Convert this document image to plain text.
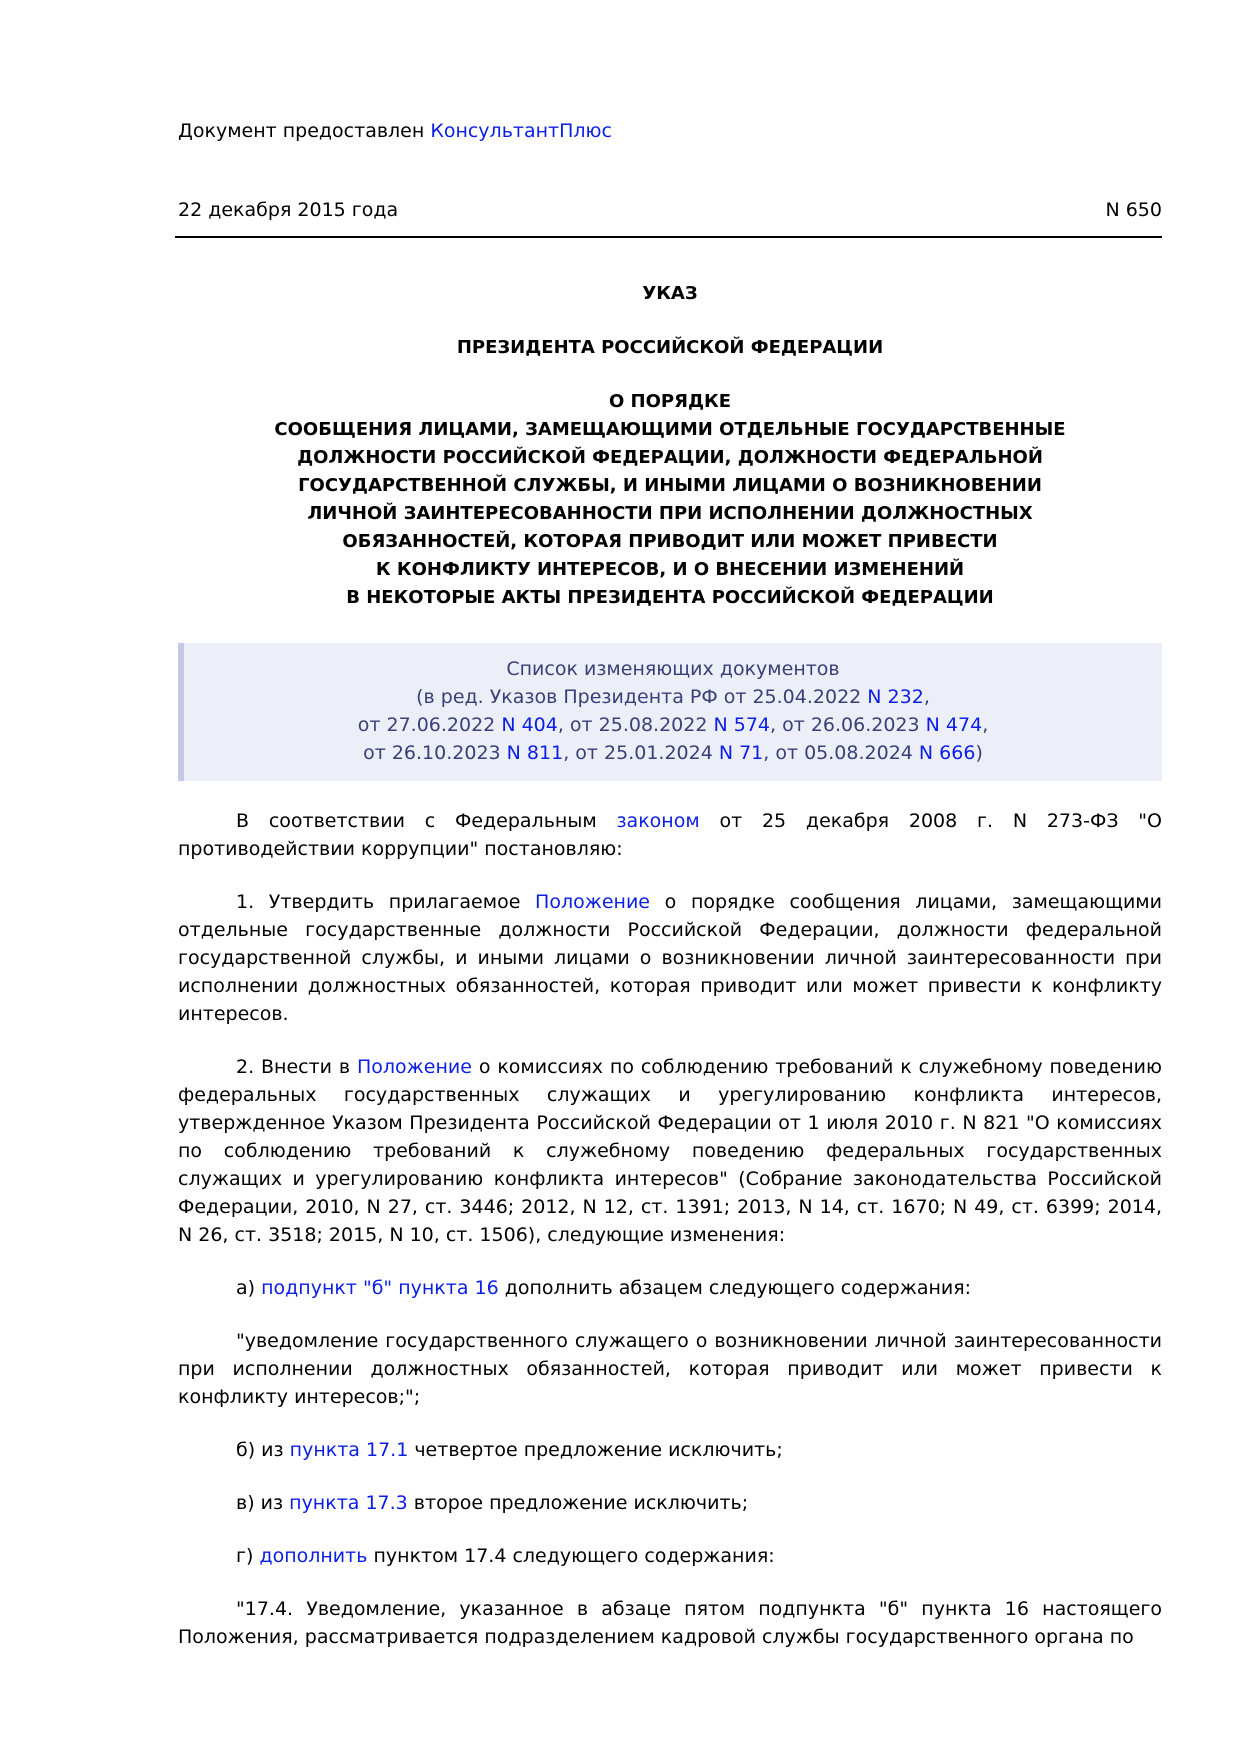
Документ предоставлен КонсультантПлюс
22 декабря 2015 года	N 650
УКАЗ
ПРЕЗИДЕНТА РОССИЙСКОЙ ФЕДЕРАЦИИ
О ПОРЯДКЕ
СООБЩЕНИЯ ЛИЦАМИ, ЗАМЕЩАЮЩИМИ ОТДЕЛЬНЫЕ ГОСУДАРСТВЕННЫЕ
ДОЛЖНОСТИ РОССИЙСКОЙ ФЕДЕРАЦИИ, ДОЛЖНОСТИ ФЕДЕРАЛЬНОЙ
ГОСУДАРСТВЕННОЙ СЛУЖБЫ, И ИНЫМИ ЛИЦАМИ О ВОЗНИКНОВЕНИИ
ЛИЧНОЙ ЗАИНТЕРЕСОВАННОСТИ ПРИ ИСПОЛНЕНИИ ДОЛЖНОСТНЫХ
ОБЯЗАННОСТЕЙ, КОТОРАЯ ПРИВОДИТ ИЛИ МОЖЕТ ПРИВЕСТИ
К КОНФЛИКТУ ИНТЕРЕСОВ, И О ВНЕСЕНИИ ИЗМЕНЕНИЙ
В НЕКОТОРЫЕ АКТЫ ПРЕЗИДЕНТА РОССИЙСКОЙ ФЕДЕРАЦИИ
Список изменяющих документов
(в ред. Указов Президента РФ от 25.04.2022 N 232,
от 27.06.2022 N 404, от 25.08.2022 N 574, от 26.06.2023 N 474,
от 26.10.2023 N 811, от 25.01.2024 N 71, от 05.08.2024 N 666)

В соответствии с Федеральным законом от 25 декабря 2008 г. N 273-ФЗ "О противодействии коррупции" постановляю:

1. Утвердить прилагаемое Положение о порядке сообщения лицами, замещающими отдельные государственные должности Российской Федерации, должности федеральной государственной службы, и иными лицами о возникновении личной заинтересованности при исполнении должностных обязанностей, которая приводит или может привести к конфликту интересов.

2. Внести в Положение о комиссиях по соблюдению требований к служебному поведению федеральных государственных служащих и урегулированию конфликта интересов, утвержденное Указом Президента Российской Федерации от 1 июля 2010 г. N 821 "О комиссиях по соблюдению требований к служебному поведению федеральных государственных служащих и урегулированию конфликта интересов" (Собрание законодательства Российской Федерации, 2010, N 27, ст. 3446; 2012, N 12, ст. 1391; 2013, N 14, ст. 1670; N 49, ст. 6399; 2014, N 26, ст. 3518; 2015, N 10, ст. 1506), следующие изменения:

а) подпункт "б" пункта 16 дополнить абзацем следующего содержания:

"уведомление государственного служащего о возникновении личной заинтересованности при исполнении должностных обязанностей, которая приводит или может привести к конфликту интересов;";

б) из пункта 17.1 четвертое предложение исключить;

в) из пункта 17.3 второе предложение исключить;

г) дополнить пунктом 17.4 следующего содержания:

"17.4. Уведомление, указанное в абзаце пятом подпункта "б" пункта 16 настоящего Положения, рассматривается подразделением кадровой службы государственного органа по
